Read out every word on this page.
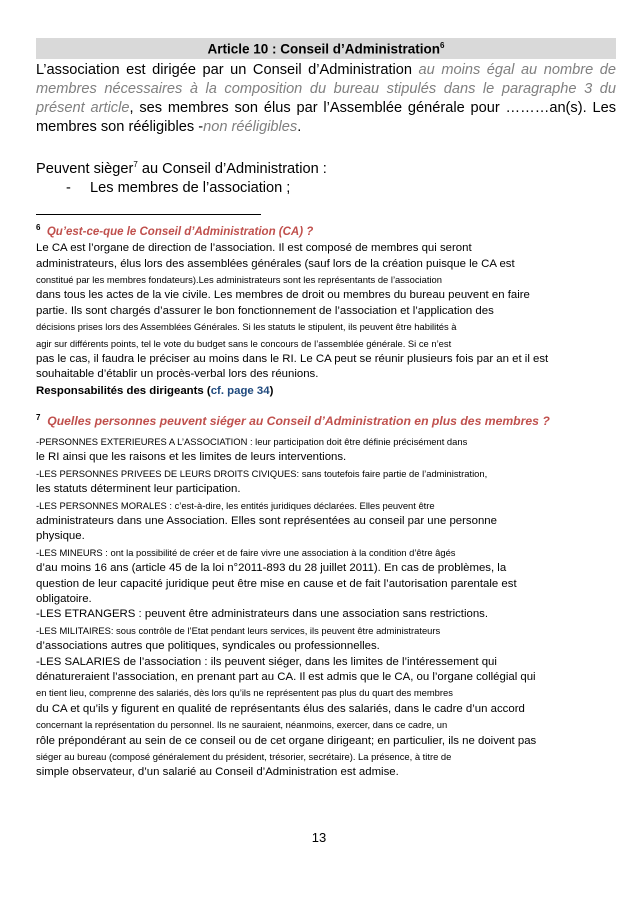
Article 10 : Conseil d’Administration$^6$

L’association est dirigée par un Conseil d’Administration au moins égal au nombre de membres nécessaires à la composition du bureau stipulés dans le paragraphe 3 du présent article, ses membres son élus par l’Assemblée générale pour ………an(s). Les membres son rééligibles -non rééligibles.

Peuvent sièger$^7$ au Conseil d’Administration :

- Les membres de l’association ;

$^6$ Qu’est-ce-que le Conseil d’Administration (CA) ?

Le CA est l’organe de direction de l’association. Il est composé de membres qui seront

administrateurs, élus lors des assemblées générales (sauf lors de la création puisque le CA est

constitué par les membres fondateurs).Les administrateurs sont les représentants de l’association

dans tous les actes de la vie civile. Les membres de droit ou membres du bureau peuvent en faire

partie. Ils sont chargés d’assurer le bon fonctionnement de l’association et l’application des

décisions prises lors des Assemblées Générales. Si les statuts le stipulent, ils peuvent être habilités à

agir sur différents points, tel le vote du budget sans le concours de l’assemblée générale. Si ce n’est

pas le cas, il faudra le préciser au moins dans le RI. Le CA peut se réunir plusieurs fois par an et il est

souhaitable d’établir un procès-verbal lors des réunions.

Responsabilités des dirigeants (cf. page 34)

$^7$ Quelles personnes peuvent siéger au Conseil d’Administration en plus des membres ?

-PERSONNES EXTERIEURES A L’ASSOCIATION : leur participation doit être définie précisément dans

le RI ainsi que les raisons et les limites de leurs interventions.

-LES PERSONNES PRIVEES DE LEURS DROITS CIVIQUES: sans toutefois faire partie de l’administration,

les statuts déterminent leur participation.

-LES PERSONNES MORALES : c’est-à-dire, les entités juridiques déclarées. Elles peuvent être

administrateurs dans une Association. Elles sont représentées au conseil par une personne

physique.

-LES MINEURS : ont la possibilité de créer et de faire vivre une association à la condition d’être âgés

d’au moins 16 ans (article 45 de la loi n°2011-893 du 28 juillet 2011). En cas de problèmes, la

question de leur capacité juridique peut être mise en cause et de fait l’autorisation parentale est

obligatoire.

-LES ETRANGERS : peuvent être administrateurs dans une association sans restrictions.

-LES MILITAIRES: sous contrôle de l’Etat pendant leurs services, ils peuvent être administrateurs

d’associations autres que politiques, syndicales ou professionnelles.

-LES SALARIES de l’association : ils peuvent siéger, dans les limites de l’intéressement qui

dénatureraient l’association, en prenant part au CA. Il est admis que le CA, ou l’organe collégial qui

en tient lieu, comprenne des salariés, dès lors qu’ils ne représentent pas plus du quart des membres

du CA et qu’ils y figurent en qualité de représentants élus des salariés, dans le cadre d’un accord

concernant la représentation du personnel. Ils ne sauraient, néanmoins, exercer, dans ce cadre, un

rôle prépondérant au sein de ce conseil ou de cet organe dirigeant; en particulier, ils ne doivent pas

siéger au bureau (composé généralement du président, trésorier, secrétaire). La présence, à titre de

simple observateur, d’un salarié au Conseil d’Administration est admise.

13
